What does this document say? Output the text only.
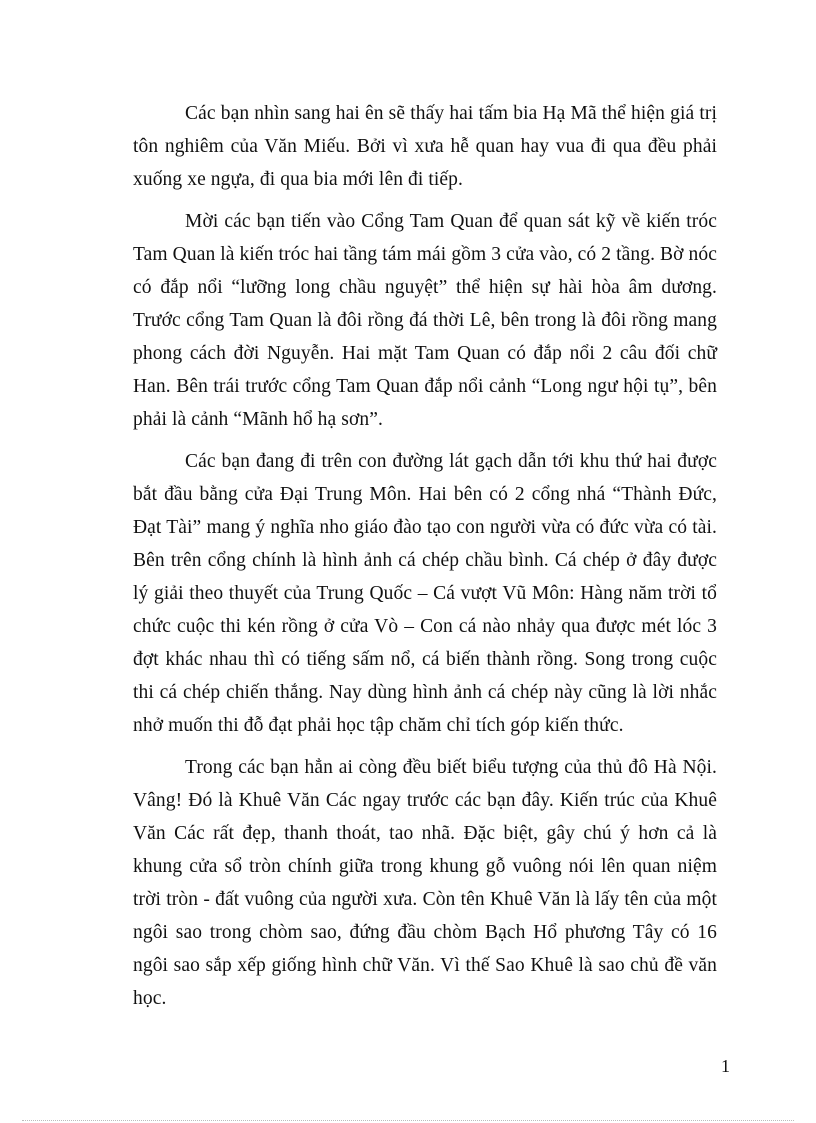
Các bạn nhìn sang hai ên sẽ thấy hai tấm bia Hạ Mã thể hiện giá trị tôn nghiêm của Văn Miếu. Bởi vì xưa hễ quan hay vua đi qua đều phải xuống xe ngựa, đi qua bia mới lên đi tiếp.

Mời các bạn tiến vào Cổng Tam Quan để quan sát kỹ về kiến tróc Tam Quan là kiến tróc hai tầng tám mái gồm 3 cửa vào, có 2 tầng. Bờ nóc có đắp nổi “lưỡng long chầu nguyệt” thể hiện sự hài hòa âm dương. Trước cổng Tam Quan là đôi rồng đá thời Lê, bên trong là đôi rồng mang phong cách đời Nguyễn. Hai mặt Tam Quan có đắp nổi 2 câu đối chữ Han. Bên trái trước cổng Tam Quan đắp nổi cảnh “Long ngư hội tụ”, bên phải là cảnh “Mãnh hổ hạ sơn”.

Các bạn đang đi trên con đường lát gạch dẫn tới khu thứ hai được bắt đầu bằng cửa Đại Trung Môn. Hai bên có 2 cổng nhá “Thành Đức, Đạt Tài” mang ý nghĩa nho giáo đào tạo con người vừa có đức vừa có tài. Bên trên cổng chính là hình ảnh cá chép chầu bình. Cá chép ở đây được lý giải theo thuyết của Trung Quốc – Cá vượt Vũ Môn: Hàng năm trời tổ chức cuộc thi kén rồng ở cửa Vò – Con cá nào nhảy qua được mét lóc 3 đợt khác nhau thì có tiếng sấm nổ, cá biến thành rồng. Song trong cuộc thi cá chép chiến thắng. Nay dùng hình ảnh cá chép này cũng là lời nhắc nhở muốn thi đỗ đạt phải học tập chăm chỉ tích góp kiến thức.

Trong các bạn hẳn ai còng đều biết biểu tượng của thủ đô Hà Nội. Vâng! Đó là Khuê Văn Các ngay trước các bạn đây. Kiến trúc của Khuê Văn Các rất đẹp, thanh thoát, tao nhã. Đặc biệt, gây chú ý hơn cả là khung cửa sổ tròn chính giữa trong khung gỗ vuông nói lên quan niệm trời tròn - đất vuông của người xưa. Còn tên Khuê Văn là lấy tên của một ngôi sao trong chòm sao, đứng đầu chòm Bạch Hổ phương Tây có 16 ngôi sao sắp xếp giống hình chữ Văn. Vì thế Sao Khuê là sao chủ đề văn học.

1
